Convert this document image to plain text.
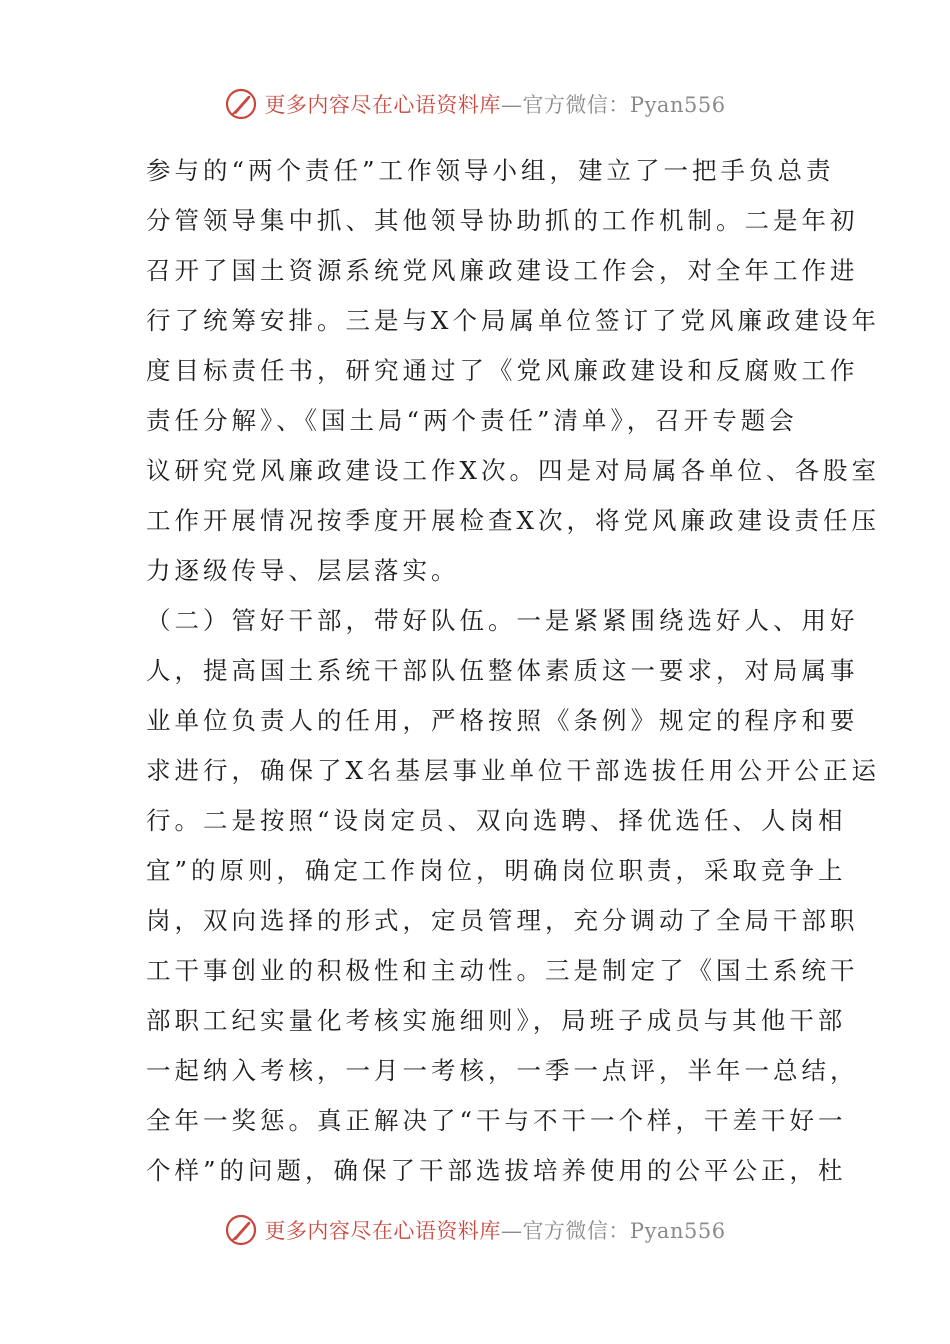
更多内容尽在心语资料库—官方微信：Pyan556
参与的“两个责任”工作领导小组，建立了一把手负总责
分管领导集中抓、其他领导协助抓的工作机制。二是年初
召开了国土资源系统党风廉政建设工作会，对全年工作进
行了统筹安排。三是与X个局属单位签订了党风廉政建设年
度目标责任书，研究通过了《党风廉政建设和反腐败工作
责任分解》、《国土局“两个责任”清单》，召开专题会
议研究党风廉政建设工作X次。四是对局属各单位、各股室
工作开展情况按季度开展检查X次，将党风廉政建设责任压
力逐级传导、层层落实。
（二）管好干部，带好队伍。一是紧紧围绕选好人、用好
人，提高国土系统干部队伍整体素质这一要求，对局属事
业单位负责人的任用，严格按照《条例》规定的程序和要
求进行，确保了X名基层事业单位干部选拔任用公开公正运
行。二是按照“设岗定员、双向选聘、择优选任、人岗相
宜”的原则，确定工作岗位，明确岗位职责，采取竞争上
岗，双向选择的形式，定员管理，充分调动了全局干部职
工干事创业的积极性和主动性。三是制定了《国土系统干
部职工纪实量化考核实施细则》，局班子成员与其他干部
一起纳入考核，一月一考核，一季一点评，半年一总结，
全年一奖惩。真正解决了“干与不干一个样，干差干好一
个样”的问题，确保了干部选拔培养使用的公平公正，杜
更多内容尽在心语资料库—官方微信：Pyan556
